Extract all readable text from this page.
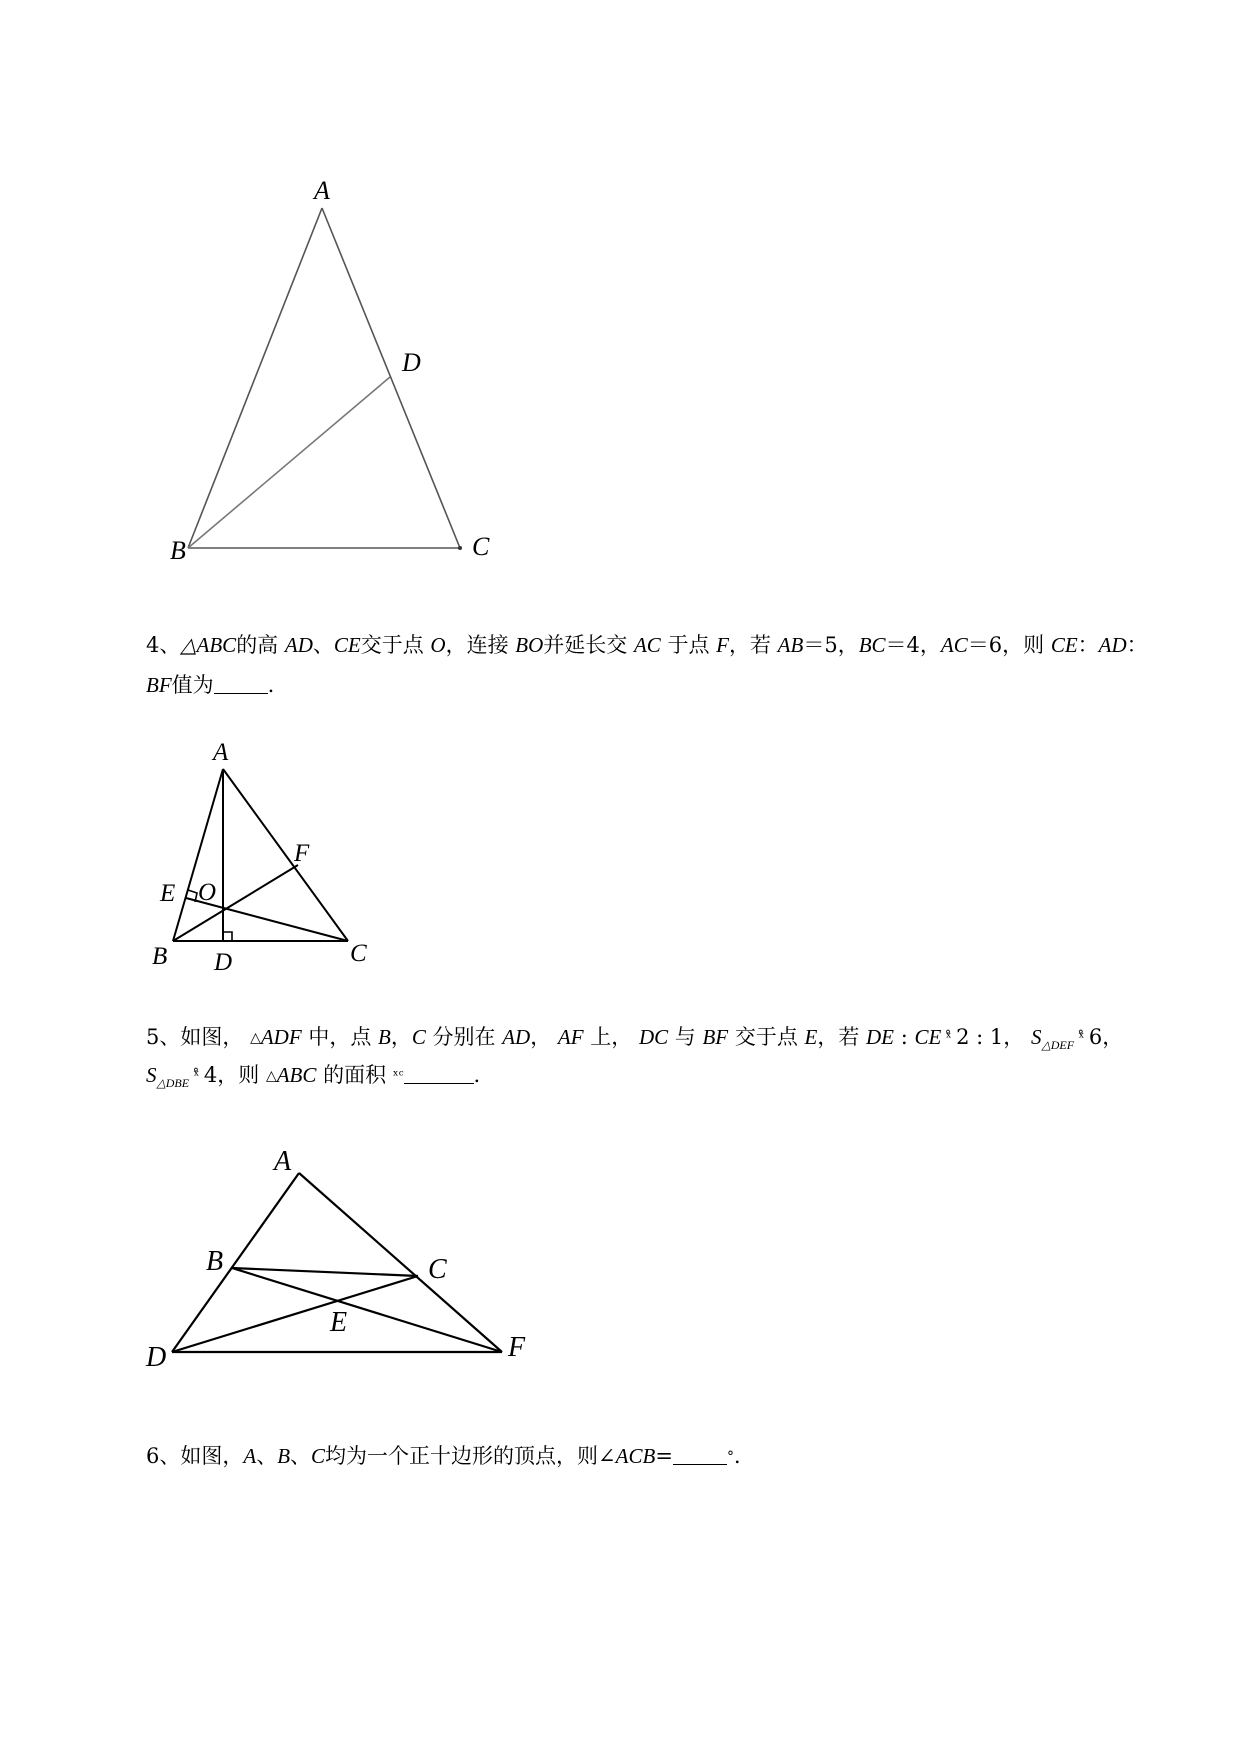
A
D
B	C
4、△ABC的高 AD、CE交于点 O，连接 BO并延长交 AC 于点 F，若 AB＝5，BC＝4，AC＝6，则 CE：AD：
BF值为	.
A
F
E O
B D	C
5、如图， △ADF 中，点 B，C 分别在 AD， AF 上， DC 与 BF 交于点 E，若 DE : CE ˣ̊ 2 : 1， $S_{\triangle DEF}$ ˣ̊ 6，
$S_{\triangle DBE}$ ˣ̊ 4，则 △ABC 的面积 ˣᶜ	.
A
B	C
E
D	F
6、如图，A、B、C均为一个正十边形的顶点，则∠ACB=	°．
